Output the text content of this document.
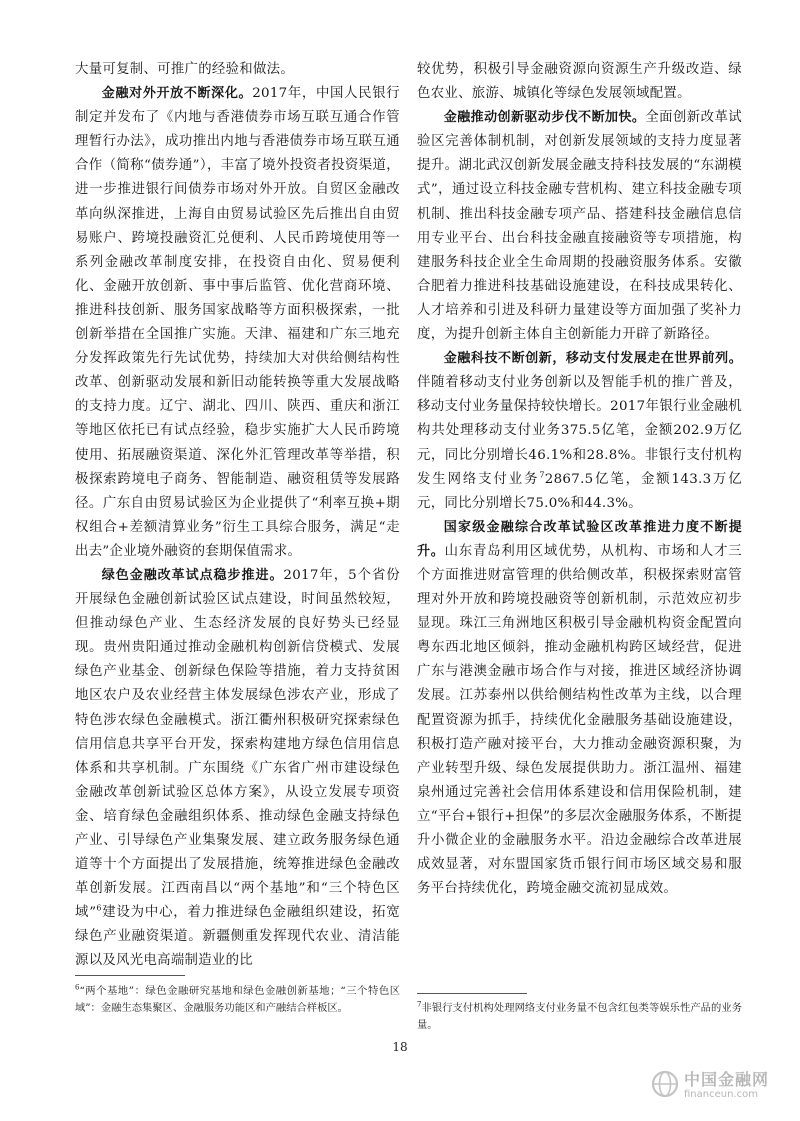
大量可复制、可推广的经验和做法。

金融对外开放不断深化。2017年，中国人民银行制定并发布了《内地与香港债券市场互联互通合作管理暂行办法》，成功推出内地与香港债券市场互联互通合作（简称“债券通”），丰富了境外投资者投资渠道，进一步推进银行间债券市场对外开放。自贸区金融改革向纵深推进，上海自由贸易试验区先后推出自由贸易账户、跨境投融资汇兑便利、人民币跨境使用等一系列金融改革制度安排，在投资自由化、贸易便利化、金融开放创新、事中事后监管、优化营商环境、推进科技创新、服务国家战略等方面积极探索，一批创新举措在全国推广实施。天津、福建和广东三地充分发挥政策先行先试优势，持续加大对供给侧结构性改革、创新驱动发展和新旧动能转换等重大发展战略的支持力度。辽宁、湖北、四川、陕西、重庆和浙江等地区依托已有试点经验，稳步实施扩大人民币跨境使用、拓展融资渠道、深化外汇管理改革等举措，积极探索跨境电子商务、智能制造、融资租赁等发展路径。广东自由贸易试验区为企业提供了“利率互换+期权组合+差额清算业务”衍生工具综合服务，满足“走出去”企业境外融资的套期保值需求。

绿色金融改革试点稳步推进。2017年，5个省份开展绿色金融创新试验区试点建设，时间虽然较短，但推动绿色产业、生态经济发展的良好势头已经显现。贵州贵阳通过推动金融机构创新信贷模式、发展绿色产业基金、创新绿色保险等措施，着力支持贫困地区农户及农业经营主体发展绿色涉农产业，形成了特色涉农绿色金融模式。浙江衢州积极研究探索绿色信用信息共享平台开发，探索构建地方绿色信用信息体系和共享机制。广东围绕《广东省广州市建设绿色金融改革创新试验区总体方案》，从设立发展专项资金、培育绿色金融组织体系、推动绿色金融支持绿色产业、引导绿色产业集聚发展、建立政务服务绿色通道等十个方面提出了发展措施，统筹推进绿色金融改革创新发展。江西南昌以“两个基地”和“三个特色区域”$^6$建设为中心，着力推进绿色金融组织建设，拓宽绿色产业融资渠道。新疆侧重发挥现代农业、清洁能源以及风光电高端制造业的比

较优势，积极引导金融资源向资源生产升级改造、绿色农业、旅游、城镇化等绿色发展领域配置。

金融推动创新驱动步伐不断加快。全面创新改革试验区完善体制机制，对创新发展领域的支持力度显著提升。湖北武汉创新发展金融支持科技发展的“东湖模式”，通过设立科技金融专营机构、建立科技金融专项机制、推出科技金融专项产品、搭建科技金融信息信用专业平台、出台科技金融直接融资等专项措施，构建服务科技企业全生命周期的投融资服务体系。安徽合肥着力推进科技基础设施建设，在科技成果转化、人才培养和引进及科研力量建设等方面加强了奖补力度，为提升创新主体自主创新能力开辟了新路径。

金融科技不断创新，移动支付发展走在世界前列。伴随着移动支付业务创新以及智能手机的推广普及，移动支付业务量保持较快增长。2017年银行业金融机构共处理移动支付业务375.5亿笔，金额202.9万亿元，同比分别增长46.1%和28.8%。非银行支付机构发生网络支付业务$^7$2867.5亿笔，金额143.3万亿元，同比分别增长75.0%和44.3%。

国家级金融综合改革试验区改革推进力度不断提升。山东青岛利用区域优势，从机构、市场和人才三个方面推进财富管理的供给侧改革，积极探索财富管理对外开放和跨境投融资等创新机制，示范效应初步显现。珠江三角洲地区积极引导金融机构资金配置向粤东西北地区倾斜，推动金融机构跨区域经营，促进广东与港澳金融市场合作与对接，推进区域经济协调发展。江苏泰州以供给侧结构性改革为主线，以合理配置资源为抓手，持续优化金融服务基础设施建设，积极打造产融对接平台，大力推动金融资源积聚，为产业转型升级、绿色发展提供助力。浙江温州、福建泉州通过完善社会信用体系建设和信用保险机制，建立“平台+银行+担保”的多层次金融服务体系，不断提升小微企业的金融服务水平。沿边金融综合改革进展成效显著，对东盟国家货币银行间市场区域交易和服务平台持续优化，跨境金融交流初显成效。

$^6$“两个基地”：绿色金融研究基地和绿色金融创新基地；“三个特色区域”：金融生态集聚区、金融服务功能区和产融结合样板区。	$^7$非银行支付机构处理网络支付业务量不包含红包类等娱乐性产品的业务量。
18
中国金融网
financeun.com
